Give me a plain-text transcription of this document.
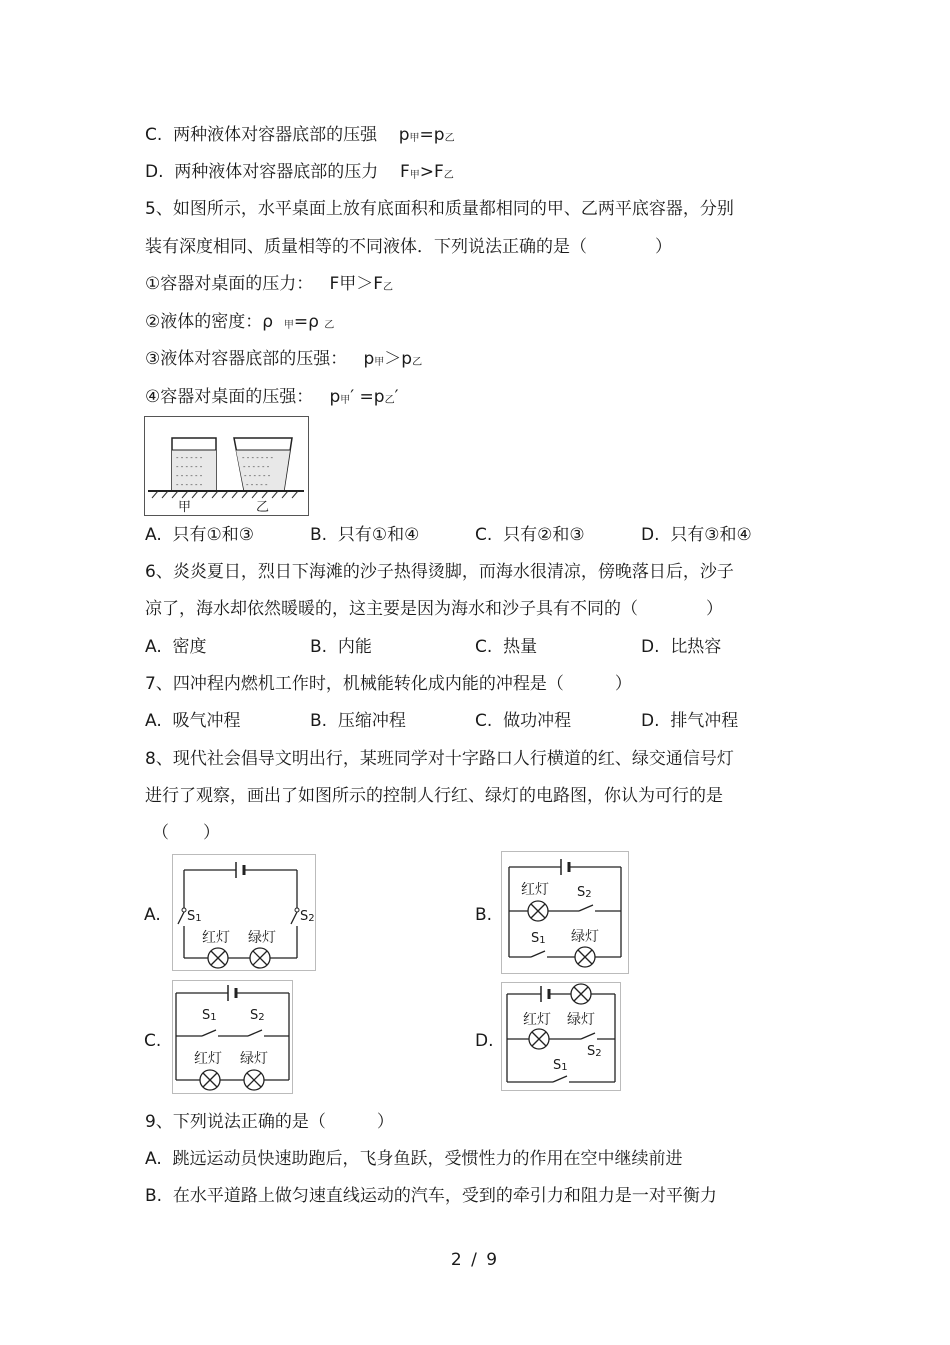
C. 两种液体对容器底部的压强 p甲=p乙
D. 两种液体对容器底部的压力 F甲>F乙
5、如图所示，水平桌面上放有底面积和质量都相同的甲、乙两平底容器，分别
装有深度相同、质量相等的不同液体．下列说法正确的是（　　　　）
①容器对桌面的压力： F甲＞F乙
②液体的密度：ρ 甲=ρ 乙
③液体对容器底部的压强： p甲＞p乙
④容器对桌面的压强： p甲′ =p乙′
- - - - - -
- - - - - -
- - - - - -
- - - - - -
- - - - - - -
- - - - - -
- - - - - -
- - - - -
甲	乙
A. 只有①和③	B. 只有①和④	C. 只有②和③	D. 只有③和④
6、炎炎夏日，烈日下海滩的沙子热得烫脚，而海水很清凉，傍晚落日后，沙子
凉了，海水却依然暖暖的，这主要是因为海水和沙子具有不同的（　　　　）
A. 密度	B. 内能	C. 热量	D. 比热容
7、四冲程内燃机工作时，机械能转化成内能的冲程是（　　　）
A. 吸气冲程	B. 压缩冲程	C. 做功冲程	D. 排气冲程
8、现代社会倡导文明出行，某班同学对十字路口人行横道的红、绿交通信号灯
进行了观察，画出了如图所示的控制人行红、绿灯的电路图，你认为可行的是
（　　）
A. S1	S2
红灯 绿灯
B.
红灯 S2
S1 绿灯
C.
S1	S2
红灯 绿灯
D.
红灯 绿灯
S2
S1
9、下列说法正确的是（　　　）
A. 跳远运动员快速助跑后，飞身鱼跃，受惯性力的作用在空中继续前进
B. 在水平道路上做匀速直线运动的汽车，受到的牵引力和阻力是一对平衡力
2 / 9
